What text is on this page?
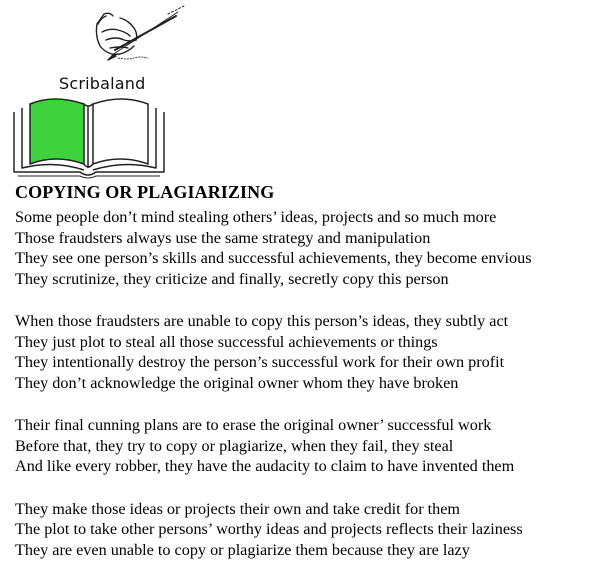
Scribaland
COPYING OR PLAGIARIZING
Some people don’t mind stealing others’ ideas, projects and so much more
Those fraudsters always use the same strategy and manipulation
They see one person’s skills and successful achievements, they become envious
They scrutinize, they criticize and finally, secretly copy this person
When those fraudsters are unable to copy this person’s ideas, they subtly act
They just plot to steal all those successful achievements or things
They intentionally destroy the person’s successful work for their own profit
They don’t acknowledge the original owner whom they have broken
Their final cunning plans are to erase the original owner’ successful work
Before that, they try to copy or plagiarize, when they fail, they steal
And like every robber, they have the audacity to claim to have invented them
They make those ideas or projects their own and take credit for them
The plot to take other persons’ worthy ideas and projects reflects their laziness
They are even unable to copy or plagiarize them because they are lazy
